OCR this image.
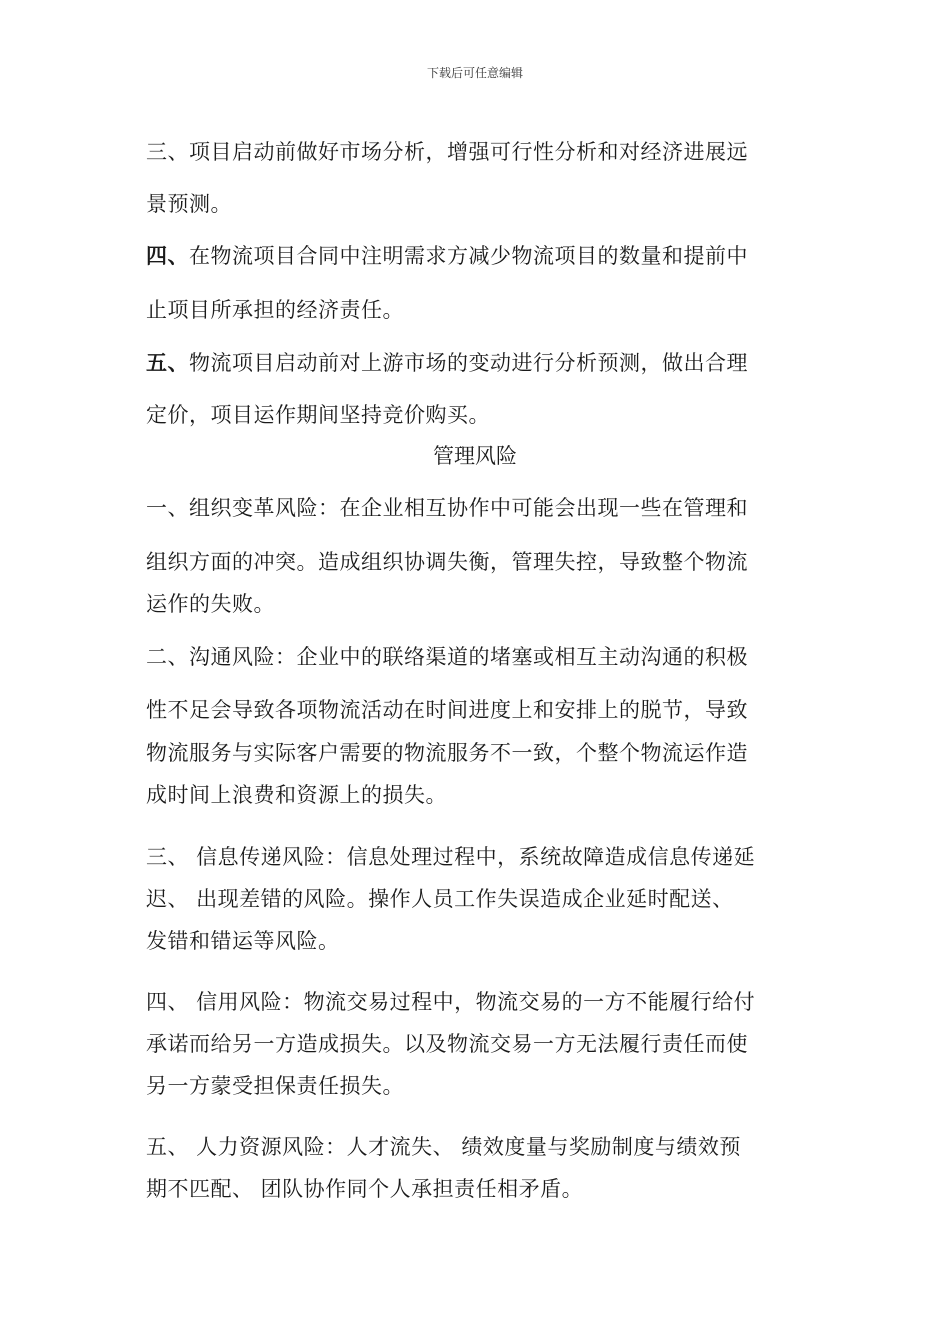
下载后可任意编辑
三、项目启动前做好市场分析，增强可行性分析和对经济进展远
景预测。
四、在物流项目合同中注明需求方减少物流项目的数量和提前中
止项目所承担的经济责任。
五、物流项目启动前对上游市场的变动进行分析预测，做出合理
定价，项目运作期间坚持竞价购买。
管理风险
一、组织变革风险：在企业相互协作中可能会出现一些在管理和
组织方面的冲突。造成组织协调失衡，管理失控，导致整个物流
运作的失败。
二、沟通风险：企业中的联络渠道的堵塞或相互主动沟通的积极
性不足会导致各项物流活动在时间进度上和安排上的脱节，导致
物流服务与实际客户需要的物流服务不一致，个整个物流运作造
成时间上浪费和资源上的损失。
三、 信息传递风险：信息处理过程中，系统故障造成信息传递延
迟、 出现差错的风险。操作人员工作失误造成企业延时配送、
发错和错运等风险。
四、 信用风险：物流交易过程中，物流交易的一方不能履行给付
承诺而给另一方造成损失。以及物流交易一方无法履行责任而使
另一方蒙受担保责任损失。
五、 人力资源风险：人才流失、 绩效度量与奖励制度与绩效预
期不匹配、 团队协作同个人承担责任相矛盾。
